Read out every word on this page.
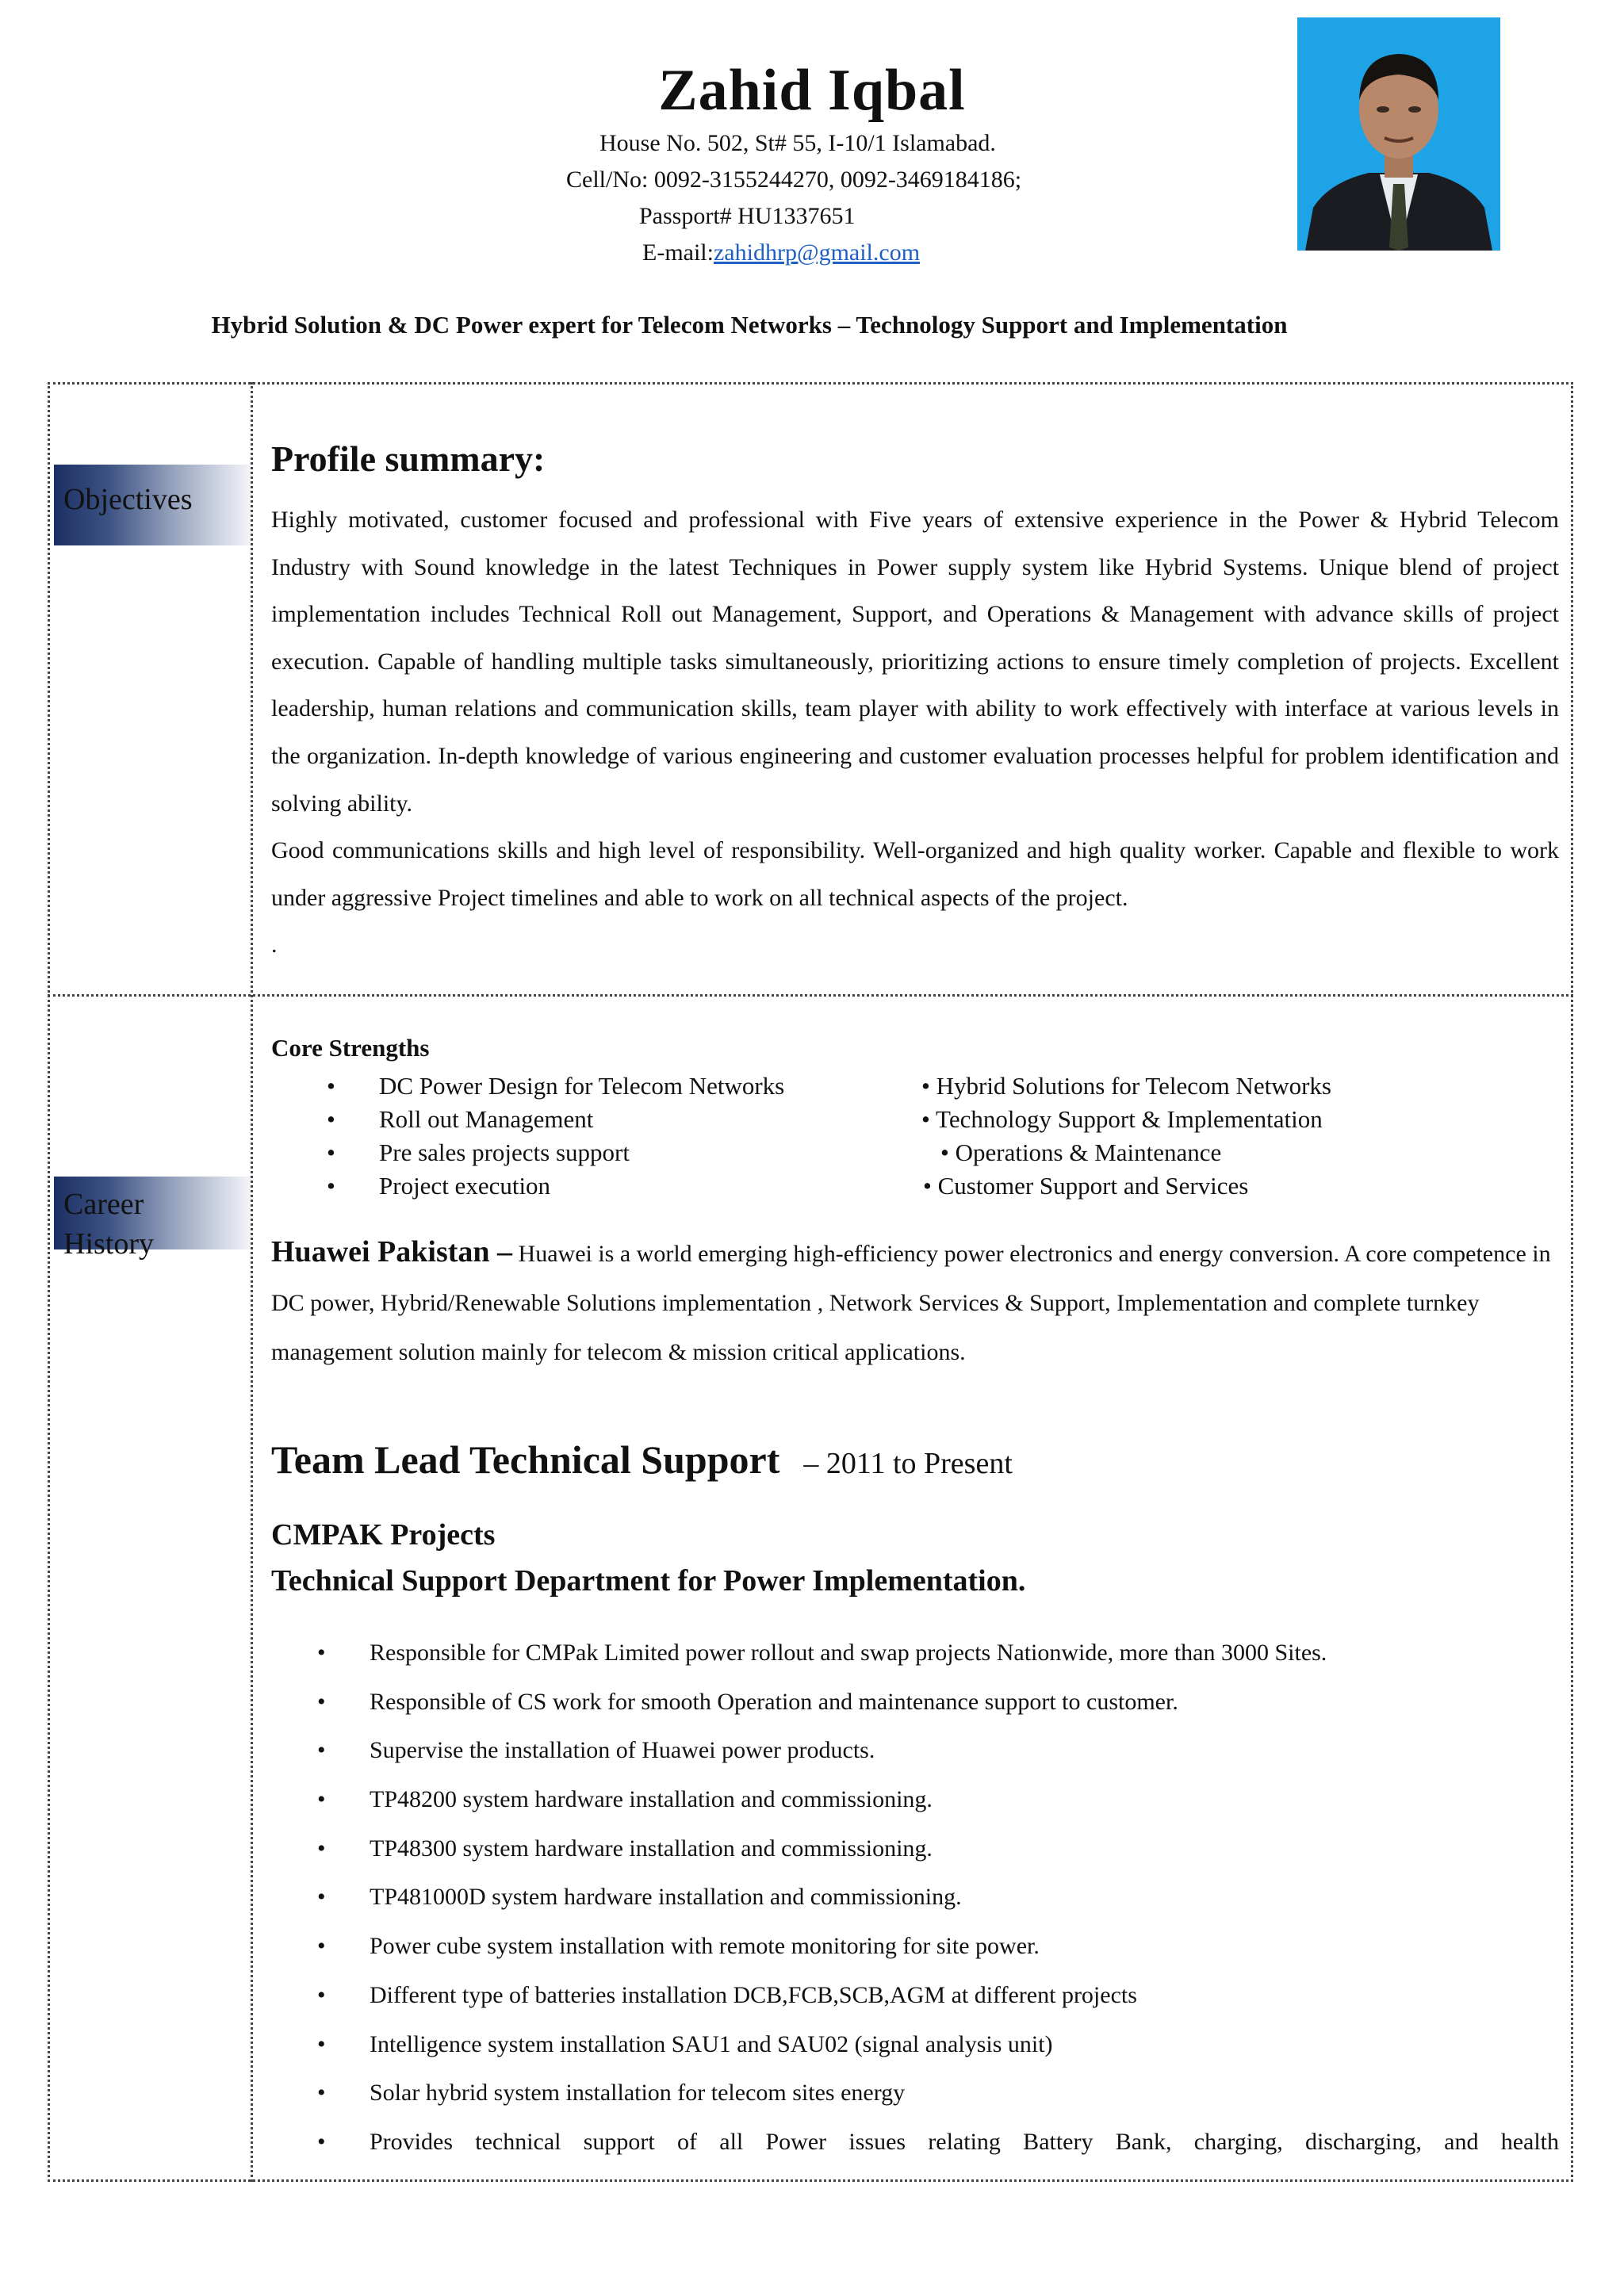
Zahid Iqbal
House No. 502, St# 55, I-10/1 Islamabad.
Cell/No: 0092-3155244270, 0092-3469184186;
Passport# HU1337651
E-mail:zahidhrp@gmail.com
Hybrid Solution & DC Power expert for Telecom Networks – Technology Support and Implementation
Objectives
Career
History
Profile summary:

Highly motivated, customer focused and professional with Five years of extensive experience in the Power & Hybrid Telecom Industry with Sound knowledge in the latest Techniques in Power supply system like Hybrid Systems. Unique blend of project implementation includes Technical Roll out Management, Support, and Operations & Management with advance skills of project execution. Capable of handling multiple tasks simultaneously, prioritizing actions to ensure timely completion of projects. Excellent leadership, human relations and communication skills, team player with ability to work effectively with interface at various levels in the organization. In-depth knowledge of various engineering and customer evaluation processes helpful for problem identification and solving ability.

Good communications skills and high level of responsibility. Well-organized and high quality worker. Capable and flexible to work under aggressive Project timelines and able to work on all technical aspects of the project.

.

Core Strengths
• DC Power Design for Telecom Networks
• Roll out Management
• Pre sales projects support
• Project execution
• Hybrid Solutions for Telecom Networks
• Technology Support & Implementation
• Operations & Maintenance
• Customer Support and Services
Huawei Pakistan – Huawei is a world emerging high-efficiency power electronics and energy conversion. A core competence in DC power, Hybrid/Renewable Solutions implementation , Network Services & Support, Implementation and complete turnkey management solution mainly for telecom & mission critical applications.
Team Lead Technical Support – 2011 to Present
CMPAK Projects
Technical Support Department for Power Implementation.
• Responsible for CMPak Limited power rollout and swap projects Nationwide, more than 3000 Sites.
• Responsible of CS work for smooth Operation and maintenance support to customer.
• Supervise the installation of Huawei power products.
• TP48200 system hardware installation and commissioning.
• TP48300 system hardware installation and commissioning.
• TP481000D system hardware installation and commissioning.
• Power cube system installation with remote monitoring for site power.
• Different type of batteries installation DCB,FCB,SCB,AGM at different projects
• Intelligence system installation SAU1 and SAU02 (signal analysis unit)
• Solar hybrid system installation for telecom sites energy
• Provides technical support of all Power issues relating Battery Bank, charging, discharging, and health
